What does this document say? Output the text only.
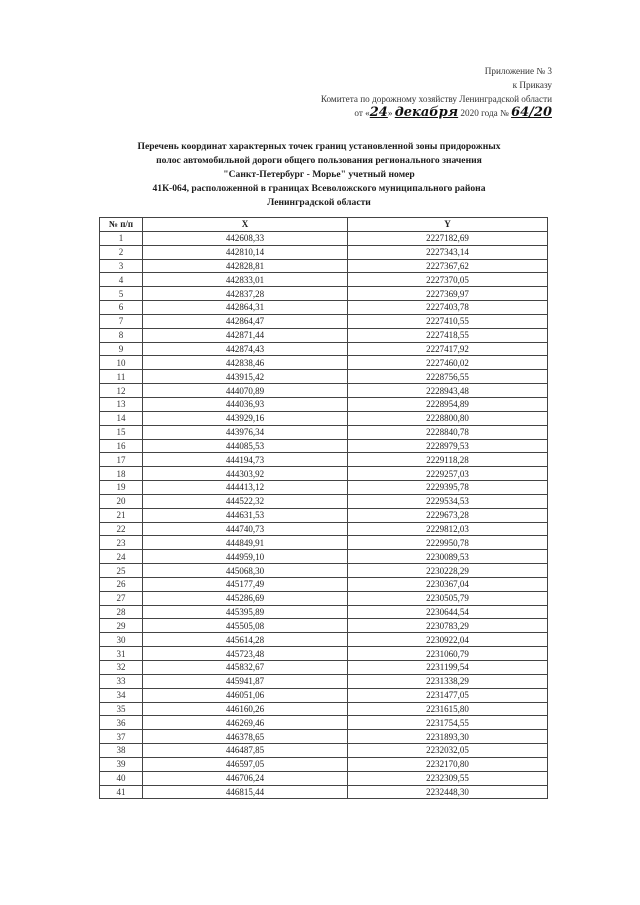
Приложение № 3
к Приказу
Комитета по дорожному хозяйству Ленинградской области
от «24» декабря 2020 года № 64/20
Перечень координат характерных точек границ установленной зоны придорожных
полос автомобильной дороги общего пользования регионального значения
"Санкт-Петербург - Морье" учетный номер
41К-064, расположенной в границах Всеволожского муниципального района
Ленинградской области
№ п/п	X	Y
1	442608,33	2227182,69
2	442810,14	2227343,14
3	442828,81	2227367,62
4	442833,01	2227370,05
5	442837,28	2227369,97
6	442864,31	2227403,78
7	442864,47	2227410,55
8	442871,44	2227418,55
9	442874,43	2227417,92
10	442838,46	2227460,02
11	443915,42	2228756,55
12	444070,89	2228943,48
13	444036,93	2228954,89
14	443929,16	2228800,80
15	443976,34	2228840,78
16	444085,53	2228979,53
17	444194,73	2229118,28
18	444303,92	2229257,03
19	444413,12	2229395,78
20	444522,32	2229534,53
21	444631,53	2229673,28
22	444740,73	2229812,03
23	444849,91	2229950,78
24	444959,10	2230089,53
25	445068,30	2230228,29
26	445177,49	2230367,04
27	445286,69	2230505,79
28	445395,89	2230644,54
29	445505,08	2230783,29
30	445614,28	2230922,04
31	445723,48	2231060,79
32	445832,67	2231199,54
33	445941,87	2231338,29
34	446051,06	2231477,05
35	446160,26	2231615,80
36	446269,46	2231754,55
37	446378,65	2231893,30
38	446487,85	2232032,05
39	446597,05	2232170,80
40	446706,24	2232309,55
41	446815,44	2232448,30
